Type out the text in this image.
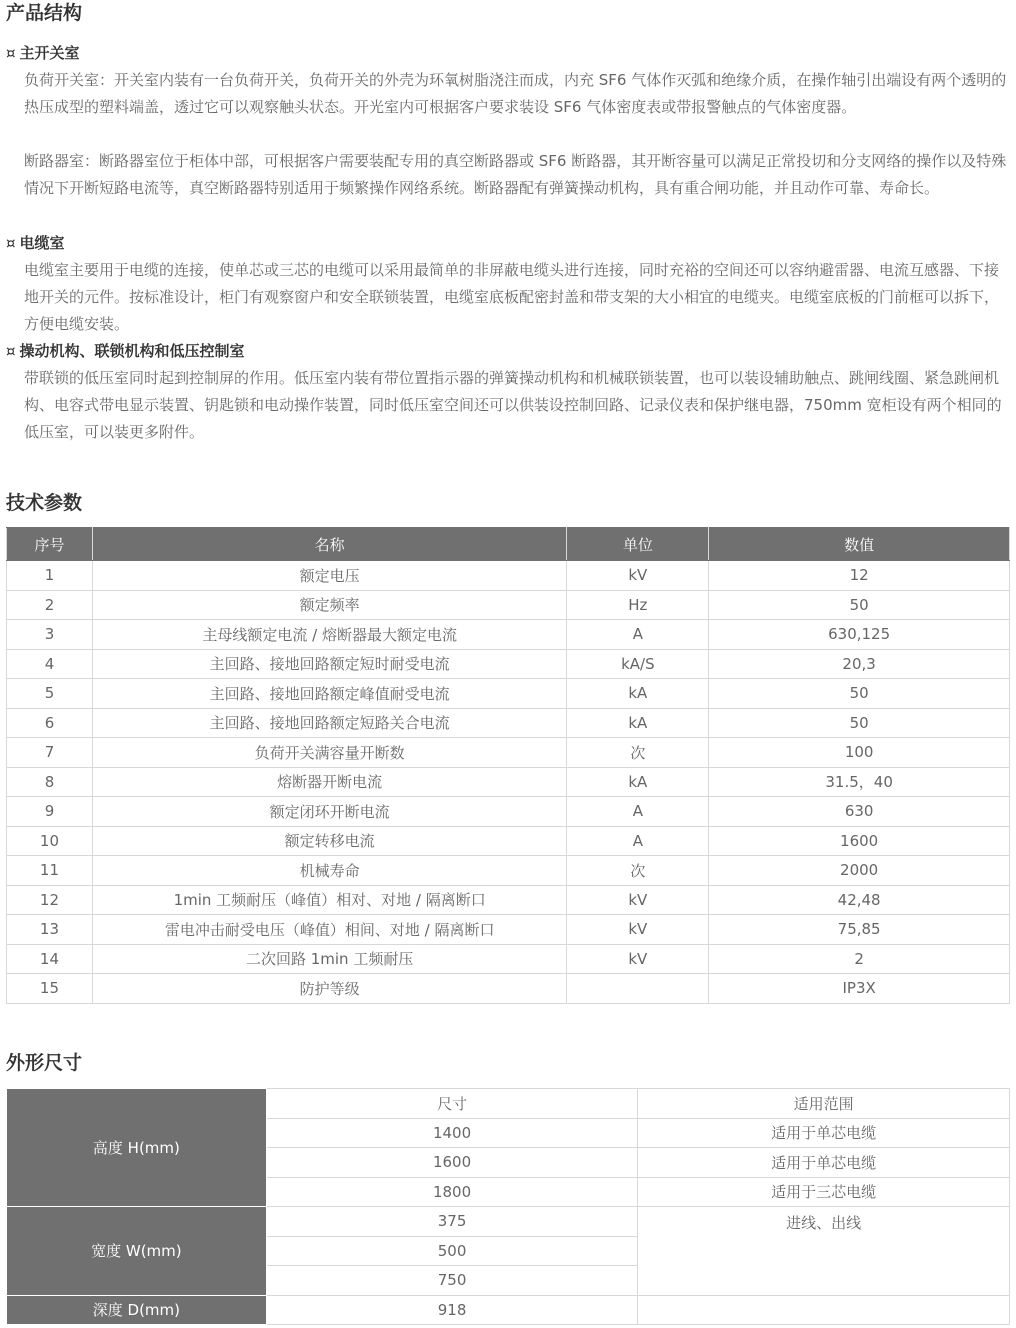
产品结构
¤ 主开关室

负荷开关室：开关室内装有一台负荷开关，负荷开关的外壳为环氧树脂浇注而成，内充 SF6 气体作灭弧和绝缘介质，在操作轴引出端设有两个透明的热压成型的塑料端盖，透过它可以观察触头状态。开光室内可根据客户要求装设 SF6 气体密度表或带报警触点的气体密度器。

断路器室：断路器室位于柜体中部，可根据客户需要装配专用的真空断路器或 SF6 断路器，其开断容量可以满足正常投切和分支网络的操作以及特殊情况下开断短路电流等，真空断路器特别适用于频繁操作网络系统。断路器配有弹簧操动机构，具有重合闸功能，并且动作可靠、寿命长。

¤ 电缆室

电缆室主要用于电缆的连接，使单芯或三芯的电缆可以采用最简单的非屏蔽电缆头进行连接，同时充裕的空间还可以容纳避雷器、电流互感器、下接地开关的元件。按标准设计，柜门有观察窗户和安全联锁装置，电缆室底板配密封盖和带支架的大小相宜的电缆夹。电缆室底板的门前框可以拆下，方便电缆安装。

¤ 操动机构、联锁机构和低压控制室

带联锁的低压室同时起到控制屏的作用。低压室内装有带位置指示器的弹簧操动机构和机械联锁装置，也可以装设辅助触点、跳闸线圈、紧急跳闸机构、电容式带电显示装置、钥匙锁和电动操作装置，同时低压室空间还可以供装设控制回路、记录仪表和保护继电器，750mm 宽柜设有两个相同的低压室，可以装更多附件。

技术参数
序号	名称	单位	数值
1	额定电压	kV	12
2	额定频率	Hz	50
3	主母线额定电流 / 熔断器最大额定电流	A	630,125
4	主回路、接地回路额定短时耐受电流	kA/S	20,3
5	主回路、接地回路额定峰值耐受电流	kA	50
6	主回路、接地回路额定短路关合电流	kA	50
7	负荷开关满容量开断数	次	100
8	熔断器开断电流	kA	31.5，40
9	额定闭环开断电流	A	630
10	额定转移电流	A	1600
11	机械寿命	次	2000
12	1min 工频耐压（峰值）相对、对地 / 隔离断口	kV	42,48
13	雷电冲击耐受电压（峰值）相间、对地 / 隔离断口	kV	75,85
14	二次回路 1min 工频耐压	kV	2
15	防护等级		IP3X
外形尺寸
高度 H(mm)	尺寸	适用范围
	1400	适用于单芯电缆
	1600	适用于单芯电缆
	1800	适用于三芯电缆
宽度 W(mm)	375	进线、出线
	500	
	750	
深度 D(mm)	918	
